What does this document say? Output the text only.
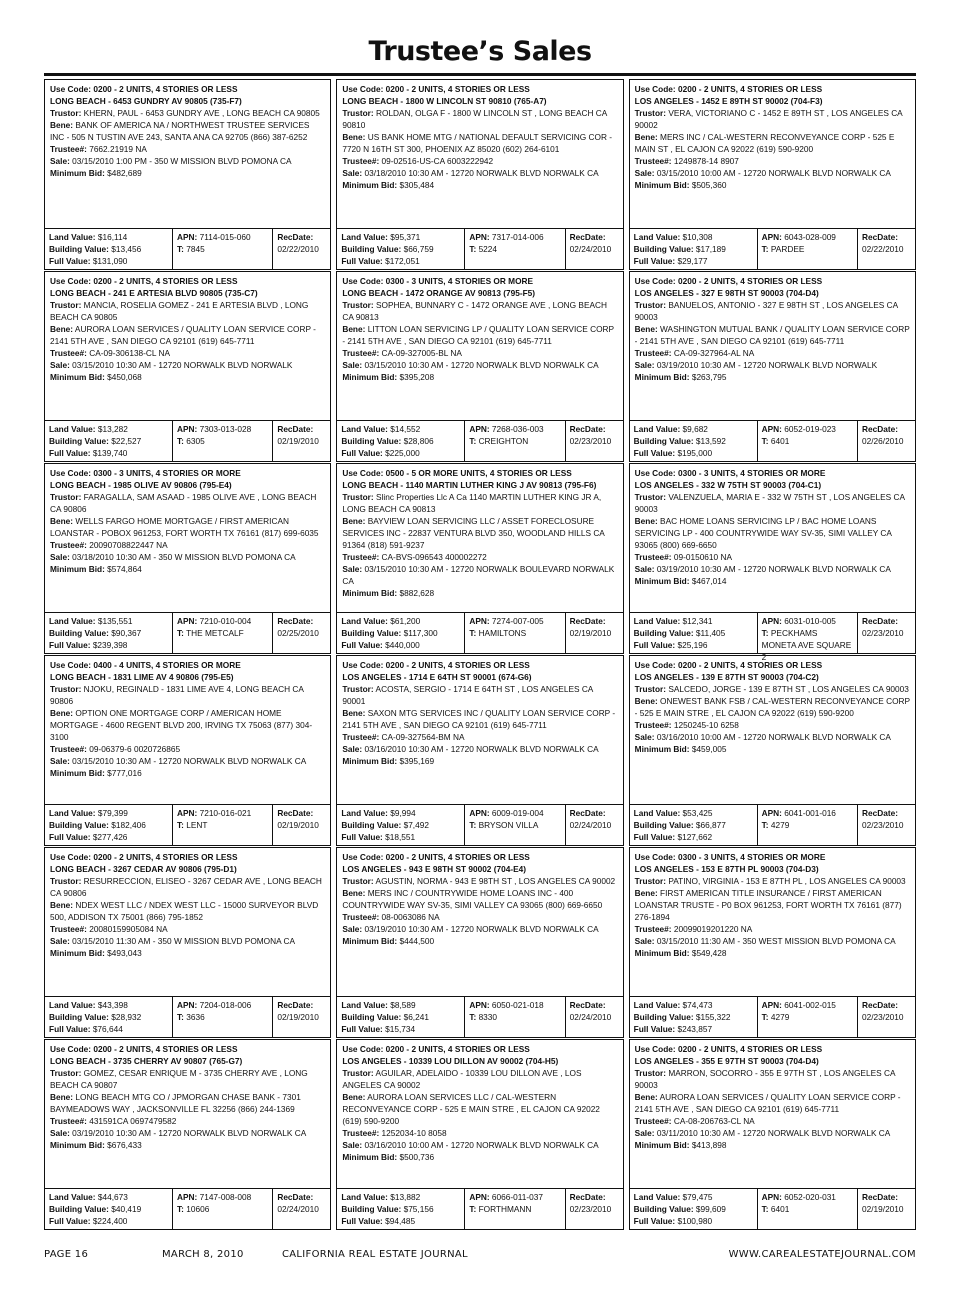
Trustee’s Sales
Use Code: 0200 - 2 UNITS, 4 STORIES OR LESS
LONG BEACH - 6453 GUNDRY AV 90805 (735-F7)
Trustor: KHERN, PAUL - 6453 GUNDRY AVE , LONG BEACH CA 90805
Bene: BANK OF AMERICA NA / NORTHWEST TRUSTEE SERVICES INC - 505 N TUSTIN AVE 243, SANTA ANA CA 92705 (866) 387-6252
Trustee#: 7662.21919 NA
Sale: 03/15/2010 1:00 PM - 350 W MISSION BLVD POMONA CA
Minimum Bid: $482,689
Land Value: $16,114
Building Value: $13,456
Full Value: $131,090
APN: 7114-015-060
T: 7845
RecDate:
02/22/2010
Use Code: 0200 - 2 UNITS, 4 STORIES OR LESS
LONG BEACH - 1800 W LINCOLN ST 90810 (765-A7)
Trustor: ROLDAN, OLGA F - 1800 W LINCOLN ST , LONG BEACH CA 90810
Bene: US BANK HOME MTG / NATIONAL DEFAULT SERVICING COR - 7720 N 16TH ST 300, PHOENIX AZ 85020 (602) 264-6101
Trustee#: 09-02516-US-CA 6003222942
Sale: 03/18/2010 10:30 AM - 12720 NORWALK BLVD NORWALK CA
Minimum Bid: $305,484
Land Value: $95,371
Building Value: $66,759
Full Value: $172,051
APN: 7317-014-006
T: 5224
RecDate:
02/24/2010
Use Code: 0200 - 2 UNITS, 4 STORIES OR LESS
LOS ANGELES - 1452 E 89TH ST 90002 (704-F3)
Trustor: VERA, VICTORIANO C - 1452 E 89TH ST , LOS ANGELES CA 90002
Bene: MERS INC / CAL-WESTERN RECONVEYANCE CORP - 525 E MAIN ST , EL CAJON CA 92022 (619) 590-9200
Trustee#: 1249878-14 8907
Sale: 03/15/2010 10:00 AM - 12720 NORWALK BLVD NORWALK CA
Minimum Bid: $505,360
Land Value: $10,308
Building Value: $17,189
Full Value: $29,177
APN: 6043-028-009
T: PARDEE
RecDate:
02/22/2010
Use Code: 0200 - 2 UNITS, 4 STORIES OR LESS
LONG BEACH - 241 E ARTESIA BLVD 90805 (735-C7)
Trustor: MANCIA, ROSELIA GOMEZ - 241 E ARTESIA BLVD , LONG BEACH CA 90805
Bene: AURORA LOAN SERVICES / QUALITY LOAN SERVICE CORP - 2141 5TH AVE , SAN DIEGO CA 92101 (619) 645-7711
Trustee#: CA-09-306138-CL NA
Sale: 03/15/2010 10:30 AM - 12720 NORWALK BLVD NORWALK
Minimum Bid: $450,068
Land Value: $13,282
Building Value: $22,527
Full Value: $139,740
APN: 7303-013-028
T: 6305
RecDate:
02/19/2010
Use Code: 0300 - 3 UNITS, 4 STORIES OR MORE
LONG BEACH - 1472 ORANGE AV 90813 (795-F5)
Trustor: SOPHEA, BUNNARY C - 1472 ORANGE AVE , LONG BEACH CA 90813
Bene: LITTON LOAN SERVICING LP / QUALITY LOAN SERVICE CORP - 2141 5TH AVE , SAN DIEGO CA 92101 (619) 645-7711
Trustee#: CA-09-327005-BL NA
Sale: 03/15/2010 10:30 AM - 12720 NORWALK BLVD NORWALK CA
Minimum Bid: $395,208
Land Value: $14,552
Building Value: $28,806
Full Value: $225,000
APN: 7268-036-003
T: CREIGHTON
RecDate:
02/23/2010
Use Code: 0200 - 2 UNITS, 4 STORIES OR LESS
LOS ANGELES - 327 E 98TH ST 90003 (704-D4)
Trustor: BANUELOS, ANTONIO - 327 E 98TH ST , LOS ANGELES CA 90003
Bene: WASHINGTON MUTUAL BANK / QUALITY LOAN SERVICE CORP - 2141 5TH AVE , SAN DIEGO CA 92101 (619) 645-7711
Trustee#: CA-09-327964-AL NA
Sale: 03/19/2010 10:30 AM - 12720 NORWALK BLVD NORWALK
Minimum Bid: $263,795
Land Value: $9,682
Building Value: $13,592
Full Value: $195,000
APN: 6052-019-023
T: 6401
RecDate:
02/26/2010
Use Code: 0300 - 3 UNITS, 4 STORIES OR MORE
LONG BEACH - 1985 OLIVE AV 90806 (795-E4)
Trustor: FARAGALLA, SAM ASAAD - 1985 OLIVE AVE , LONG BEACH CA 90806
Bene: WELLS FARGO HOME MORTGAGE / FIRST AMERICAN LOANSTAR - POBOX 961253, FORT WORTH TX 76161 (817) 699-6035
Trustee#: 20090708822447 NA
Sale: 03/18/2010 10:30 AM - 350 W MISSION BLVD POMONA CA
Minimum Bid: $574,864
Land Value: $135,551
Building Value: $90,367
Full Value: $239,398
APN: 7210-010-004
T: THE METCALF
RecDate:
02/25/2010
Use Code: 0500 - 5 OR MORE UNITS, 4 STORIES OR LESS
LONG BEACH - 1140 MARTIN LUTHER KING J AV 90813 (795-F6)
Trustor: Slinc Properties Llc A Ca 1140 MARTIN LUTHER KING JR A, LONG BEACH CA 90813
Bene: BAYVIEW LOAN SERVICING LLC / ASSET FORECLOSURE SERVICES INC - 22837 VENTURA BLVD 350, WOODLAND HILLS CA 91364 (818) 591-9237
Trustee#: CA-BVS-096543 400002272
Sale: 03/15/2010 10:30 AM - 12720 NORWALK BOULEVARD NORWALK CA
Minimum Bid: $882,628
Land Value: $61,200
Building Value: $117,300
Full Value: $440,000
APN: 7274-007-005
T: HAMILTONS
RecDate:
02/19/2010
Use Code: 0300 - 3 UNITS, 4 STORIES OR MORE
LOS ANGELES - 332 W 75TH ST 90003 (704-C1)
Trustor: VALENZUELA, MARIA E - 332 W 75TH ST , LOS ANGELES CA 90003
Bene: BAC HOME LOANS SERVICING LP / BAC HOME LOANS SERVICING LP - 400 COUNTRYWIDE WAY SV-35, SIMI VALLEY CA 93065 (800) 669-6650
Trustee#: 09-0150610 NA
Sale: 03/19/2010 10:30 AM - 12720 NORWALK BLVD NORWALK CA
Minimum Bid: $467,014
Land Value: $12,341
Building Value: $11,405
Full Value: $25,196
APN: 6031-010-005
T: PECKHAMS MONETA AVE SQUARE 2
RecDate:
02/23/2010
Use Code: 0400 - 4 UNITS, 4 STORIES OR MORE
LONG BEACH - 1831 LIME AV 4 90806 (795-E5)
Trustor: NJOKU, REGINALD - 1831 LIME AVE 4, LONG BEACH CA 90806
Bene: OPTION ONE MORTGAGE CORP / AMERICAN HOME MORTGAGE - 4600 REGENT BLVD 200, IRVING TX 75063 (877) 304-3100
Trustee#: 09-06379-6 0020726865
Sale: 03/15/2010 10:30 AM - 12720 NORWALK BLVD NORWALK CA
Minimum Bid: $777,016
Land Value: $79,399
Building Value: $182,406
Full Value: $277,426
APN: 7210-016-021
T: LENT
RecDate:
02/19/2010
Use Code: 0200 - 2 UNITS, 4 STORIES OR LESS
LOS ANGELES - 1714 E 64TH ST 90001 (674-G6)
Trustor: ACOSTA, SERGIO - 1714 E 64TH ST , LOS ANGELES CA 90001
Bene: SAXON MTG SERVICES INC / QUALITY LOAN SERVICE CORP - 2141 5TH AVE , SAN DIEGO CA 92101 (619) 645-7711
Trustee#: CA-09-327564-BM NA
Sale: 03/16/2010 10:30 AM - 12720 NORWALK BLVD NORWALK CA
Minimum Bid: $395,169
Land Value: $9,994
Building Value: $7,492
Full Value: $18,551
APN: 6009-019-004
T: BRYSON VILLA
RecDate:
02/24/2010
Use Code: 0200 - 2 UNITS, 4 STORIES OR LESS
LOS ANGELES - 139 E 87TH ST 90003 (704-C2)
Trustor: SALCEDO, JORGE - 139 E 87TH ST , LOS ANGELES CA 90003
Bene: ONEWEST BANK FSB / CAL-WESTERN RECONVEYANCE CORP - 525 E MAIN STRE , EL CAJON CA 92022 (619) 590-9200
Trustee#: 1250245-10 6258
Sale: 03/16/2010 10:00 AM - 12720 NORWALK BLVD NORWALK CA
Minimum Bid: $459,005
Land Value: $53,425
Building Value: $66,877
Full Value: $127,662
APN: 6041-001-016
T: 4279
RecDate:
02/23/2010
Use Code: 0200 - 2 UNITS, 4 STORIES OR LESS
LONG BEACH - 3267 CEDAR AV 90806 (795-D1)
Trustor: RESURRECCION, ELISEO - 3267 CEDAR AVE , LONG BEACH CA 90806
Bene: NDEX WEST LLC / NDEX WEST LLC - 15000 SURVEYOR BLVD 500, ADDISON TX 75001 (866) 795-1852
Trustee#: 20080159905084 NA
Sale: 03/15/2010 11:30 AM - 350 W MISSION BLVD POMONA CA
Minimum Bid: $493,043
Land Value: $43,398
Building Value: $28,932
Full Value: $76,644
APN: 7204-018-006
T: 3636
RecDate:
02/19/2010
Use Code: 0200 - 2 UNITS, 4 STORIES OR LESS
LOS ANGELES - 943 E 98TH ST 90002 (704-E4)
Trustor: AGUSTIN, NORMA - 943 E 98TH ST , LOS ANGELES CA 90002
Bene: MERS INC / COUNTRYWIDE HOME LOANS INC - 400 COUNTRYWIDE WAY SV-35, SIMI VALLEY CA 93065 (800) 669-6650
Trustee#: 08-0063086 NA
Sale: 03/19/2010 10:30 AM - 12720 NORWALK BLVD NORWALK CA
Minimum Bid: $444,500
Land Value: $8,589
Building Value: $6,241
Full Value: $15,734
APN: 6050-021-018
T: 8330
RecDate:
02/24/2010
Use Code: 0300 - 3 UNITS, 4 STORIES OR MORE
LOS ANGELES - 153 E 87TH PL 90003 (704-D3)
Trustor: PATINO, VIRGINIA - 153 E 87TH PL , LOS ANGELES CA 90003
Bene: FIRST AMERICAN TITLE INSURANCE / FIRST AMERICAN LOANSTAR TRUSTE - P0 BOX 961253, FORT WORTH TX 76161 (877) 276-1894
Trustee#: 20099019201220 NA
Sale: 03/15/2010 11:30 AM - 350 WEST MISSION BLVD POMONA CA
Minimum Bid: $549,428
Land Value: $74,473
Building Value: $155,322
Full Value: $243,857
APN: 6041-002-015
T: 4279
RecDate:
02/23/2010
Use Code: 0200 - 2 UNITS, 4 STORIES OR LESS
LONG BEACH - 3735 CHERRY AV 90807 (765-G7)
Trustor: GOMEZ, CESAR ENRIQUE M - 3735 CHERRY AVE , LONG BEACH CA 90807
Bene: LONG BEACH MTG CO / JPMORGAN CHASE BANK - 7301 BAYMEADOWS WAY , JACKSONVILLE FL 32256 (866) 244-1369
Trustee#: 431591CA 0697479582
Sale: 03/19/2010 10:30 AM - 12720 NORWALK BLVD NORWALK CA
Minimum Bid: $676,433
Land Value: $44,673
Building Value: $40,419
Full Value: $224,400
APN: 7147-008-008
T: 10606
RecDate:
02/24/2010
Use Code: 0200 - 2 UNITS, 4 STORIES OR LESS
LOS ANGELES - 10339 LOU DILLON AV 90002 (704-H5)
Trustor: AGUILAR, ADELAIDO - 10339 LOU DILLON AVE , LOS ANGELES CA 90002
Bene: AURORA LOAN SERVICES LLC / CAL-WESTERN RECONVEYANCE CORP - 525 E MAIN STRE , EL CAJON CA 92022 (619) 590-9200
Trustee#: 1252034-10 8058
Sale: 03/16/2010 10:00 AM - 12720 NORWALK BLVD NORWALK CA
Minimum Bid: $500,736
Land Value: $13,882
Building Value: $75,156
Full Value: $94,485
APN: 6066-011-037
T: FORTHMANN
RecDate:
02/23/2010
Use Code: 0200 - 2 UNITS, 4 STORIES OR LESS
LOS ANGELES - 355 E 97TH ST 90003 (704-D4)
Trustor: MARRON, SOCORRO - 355 E 97TH ST , LOS ANGELES CA 90003
Bene: AURORA LOAN SERVICES / QUALITY LOAN SERVICE CORP - 2141 5TH AVE , SAN DIEGO CA 92101 (619) 645-7711
Trustee#: CA-08-206763-CL NA
Sale: 03/11/2010 10:30 AM - 12720 NORWALK BLVD NORWALK CA
Minimum Bid: $413,898
Land Value: $79,475
Building Value: $99,609
Full Value: $100,980
APN: 6052-020-031
T: 6401
RecDate:
02/19/2010
PAGE 16	MARCH 8, 2010	CALIFORNIA REAL ESTATE JOURNAL	WWW.CAREALESTATEJOURNAL.COM
